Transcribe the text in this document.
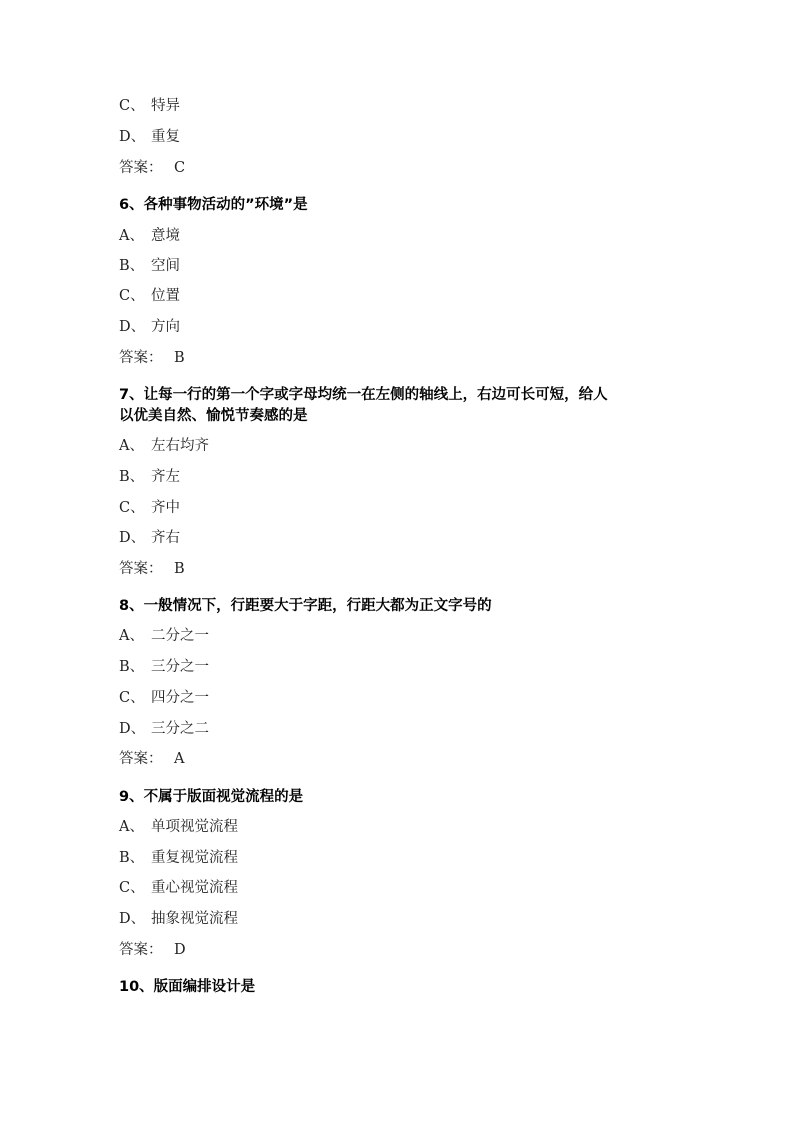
C、 特异
D、 重复
答案： C
6、各种事物活动的”环境”是
A、 意境
B、 空间
C、 位置
D、 方向
答案： B
7、让每一行的第一个字或字母均统一在左侧的轴线上，右边可长可短，给人
以优美自然、愉悦节奏感的是
A、 左右均齐
B、 齐左
C、 齐中
D、 齐右
答案： B
8、一般情况下，行距要大于字距，行距大都为正文字号的
A、 二分之一
B、 三分之一
C、 四分之一
D、 三分之二
答案： A
9、不属于版面视觉流程的是
A、 单项视觉流程
B、 重复视觉流程
C、 重心视觉流程
D、 抽象视觉流程
答案： D
10、版面编排设计是
